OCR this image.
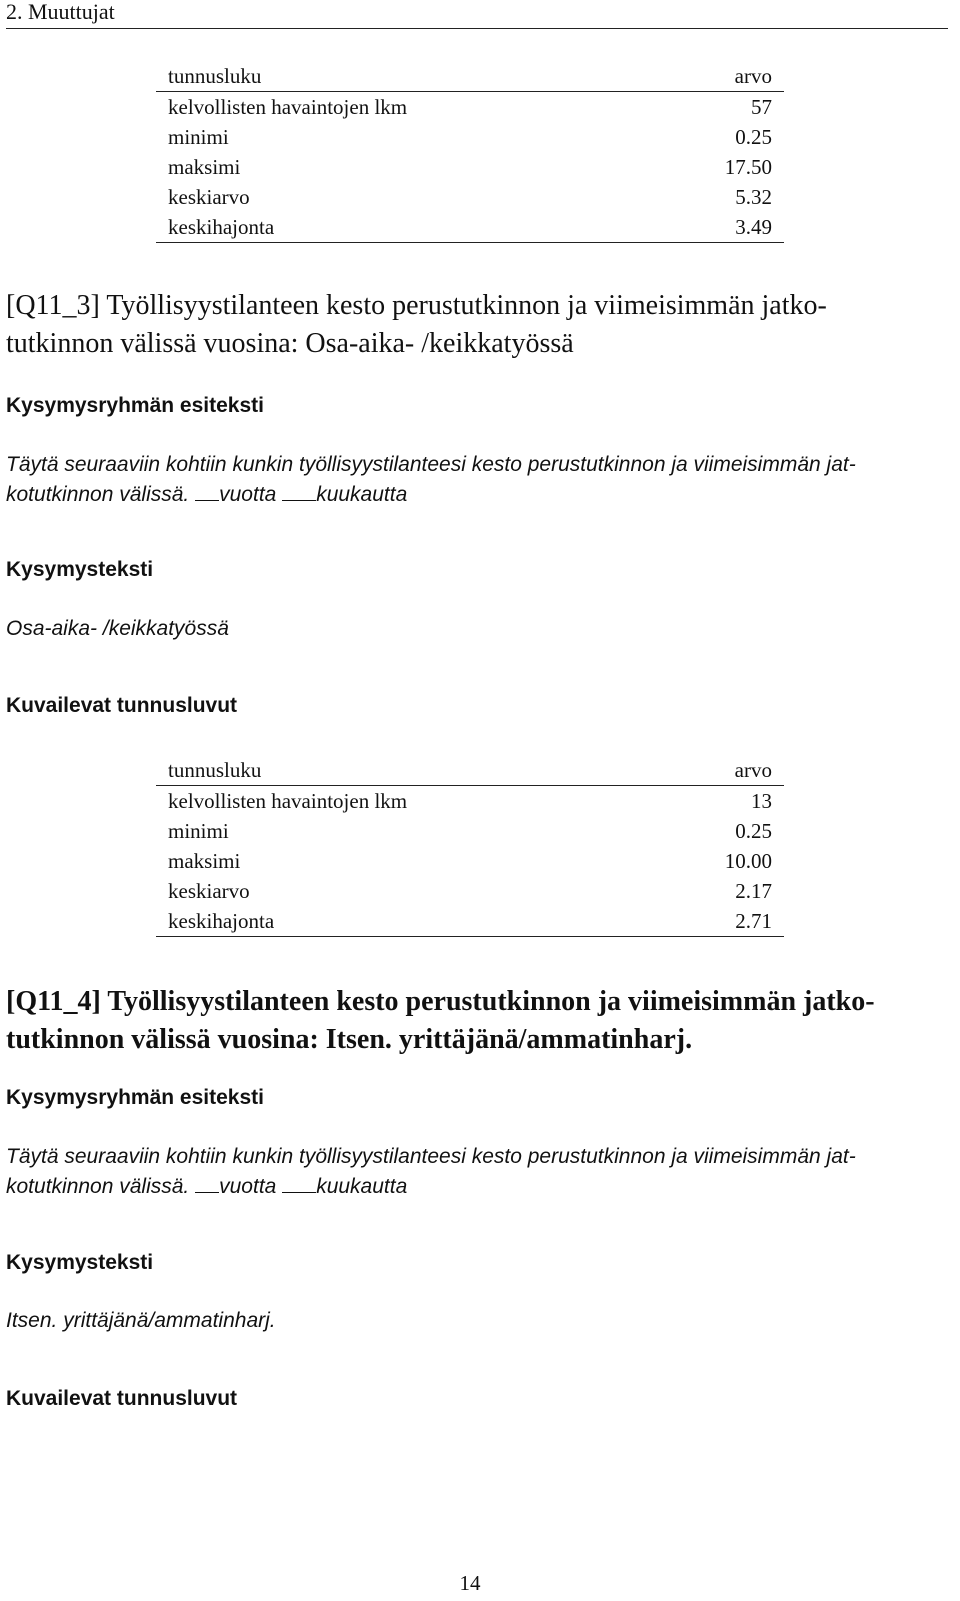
2. Muuttujat
tunnusluku	arvo
kelvollisten havaintojen lkm	57
minimi	0.25
maksimi	17.50
keskiarvo	5.32
keskihajonta	3.49
[Q11_3] Työllisyystilanteen kesto perustutkinnon ja viimeisimmän jatko-
tutkinnon välissä vuosina: Osa-aika- /keikkatyössä
Kysymysryhmän esiteksti

Täytä seuraaviin kohtiin kunkin työllisyystilanteesi kesto perustutkinnon ja viimeisimmän jat-
kotutkinnon välissä. vuotta kuukautta

Kysymysteksti

Osa-aika- /keikkatyössä

Kuvailevat tunnusluvut
tunnusluku	arvo
kelvollisten havaintojen lkm	13
minimi	0.25
maksimi	10.00
keskiarvo	2.17
keskihajonta	2.71
[Q11_4] Työllisyystilanteen kesto perustutkinnon ja viimeisimmän jatko-
tutkinnon välissä vuosina: Itsen. yrittäjänä/ammatinharj.
Kysymysryhmän esiteksti

Täytä seuraaviin kohtiin kunkin työllisyystilanteesi kesto perustutkinnon ja viimeisimmän jat-
kotutkinnon välissä. vuotta kuukautta

Kysymysteksti

Itsen. yrittäjänä/ammatinharj.

Kuvailevat tunnusluvut
14
